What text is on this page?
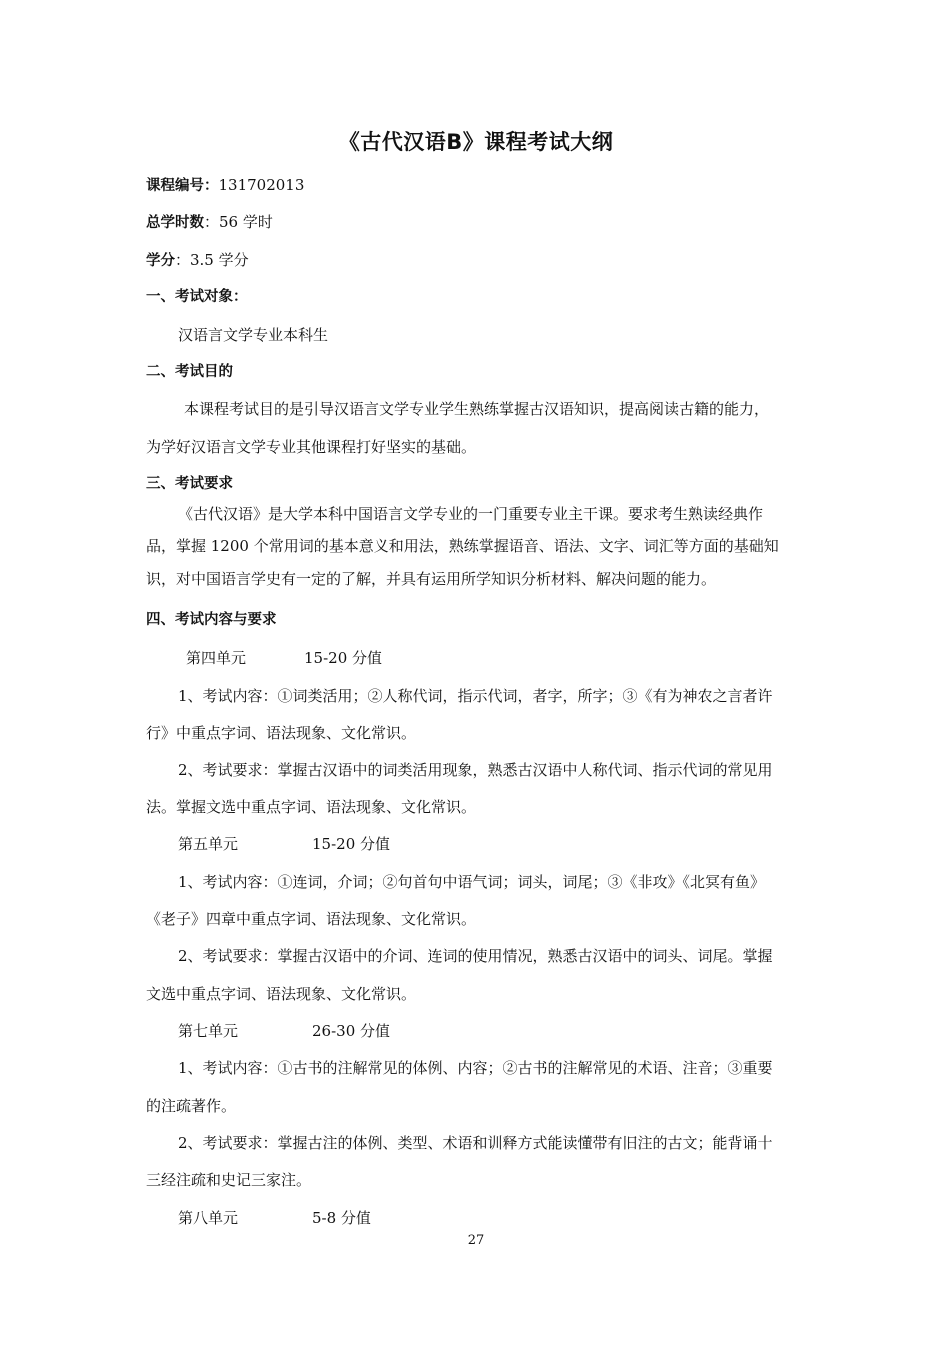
《古代汉语B》课程考试大纲
课程编号：131702013
总学时数：56 学时
学分：3.5 学分
一、考试对象：
汉语言文学专业本科生
二、考试目的
本课程考试目的是引导汉语言文学专业学生熟练掌握古汉语知识，提高阅读古籍的能力，
为学好汉语言文学专业其他课程打好坚实的基础。
三、考试要求
《古代汉语》是大学本科中国语言文学专业的一门重要专业主干课。要求考生熟读经典作
品，掌握 1200 个常用词的基本意义和用法，熟练掌握语音、语法、文字、词汇等方面的基础知
识，对中国语言学史有一定的了解，并具有运用所学知识分析材料、解决问题的能力。
四、考试内容与要求
第四单元	15-20 分值
1、考试内容：①词类活用；②人称代词，指示代词，者字，所字；③《有为神农之言者许
行》中重点字词、语法现象、文化常识。
2、考试要求：掌握古汉语中的词类活用现象，熟悉古汉语中人称代词、指示代词的常见用
法。掌握文选中重点字词、语法现象、文化常识。
第五单元	15-20 分值
1、考试内容：①连词，介词；②句首句中语气词；词头，词尾；③《非攻》《北冥有鱼》
《老子》四章中重点字词、语法现象、文化常识。
2、考试要求：掌握古汉语中的介词、连词的使用情况，熟悉古汉语中的词头、词尾。掌握
文选中重点字词、语法现象、文化常识。
第七单元	26-30 分值
1、考试内容：①古书的注解常见的体例、内容；②古书的注解常见的术语、注音；③重要
的注疏著作。
2、考试要求：掌握古注的体例、类型、术语和训释方式能读懂带有旧注的古文；能背诵十
三经注疏和史记三家注。
第八单元	5-8 分值
27
